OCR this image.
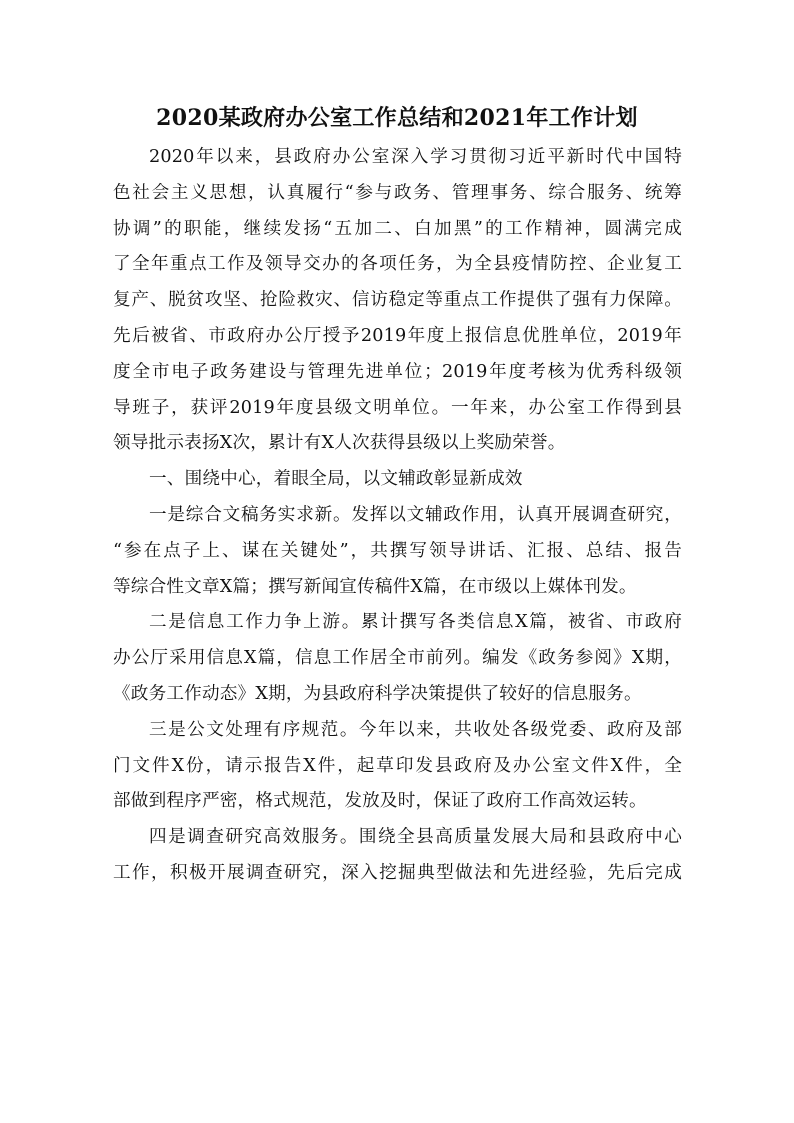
2020某政府办公室工作总结和2021年工作计划
2020年以来，县政府办公室深入学习贯彻习近平新时代中国特
色社会主义思想，认真履行“参与政务、管理事务、综合服务、统筹
协调”的职能，继续发扬“五加二、白加黑”的工作精神，圆满完成
了全年重点工作及领导交办的各项任务，为全县疫情防控、企业复工
复产、脱贫攻坚、抢险救灾、信访稳定等重点工作提供了强有力保障。
先后被省、市政府办公厅授予2019年度上报信息优胜单位，2019年
度全市电子政务建设与管理先进单位；2019年度考核为优秀科级领
导班子，获评2019年度县级文明单位。一年来，办公室工作得到县
领导批示表扬X次，累计有X人次获得县级以上奖励荣誉。
一、围绕中心，着眼全局，以文辅政彰显新成效
一是综合文稿务实求新。发挥以文辅政作用，认真开展调查研究，
“参在点子上、谋在关键处”，共撰写领导讲话、汇报、总结、报告
等综合性文章X篇；撰写新闻宣传稿件X篇，在市级以上媒体刊发。
二是信息工作力争上游。累计撰写各类信息X篇，被省、市政府
办公厅采用信息X篇，信息工作居全市前列。编发《政务参阅》X期，
《政务工作动态》X期，为县政府科学决策提供了较好的信息服务。
三是公文处理有序规范。今年以来，共收处各级党委、政府及部
门文件X份，请示报告X件，起草印发县政府及办公室文件X件，全
部做到程序严密，格式规范，发放及时，保证了政府工作高效运转。
四是调查研究高效服务。围绕全县高质量发展大局和县政府中心
工作，积极开展调查研究，深入挖掘典型做法和先进经验，先后完成
